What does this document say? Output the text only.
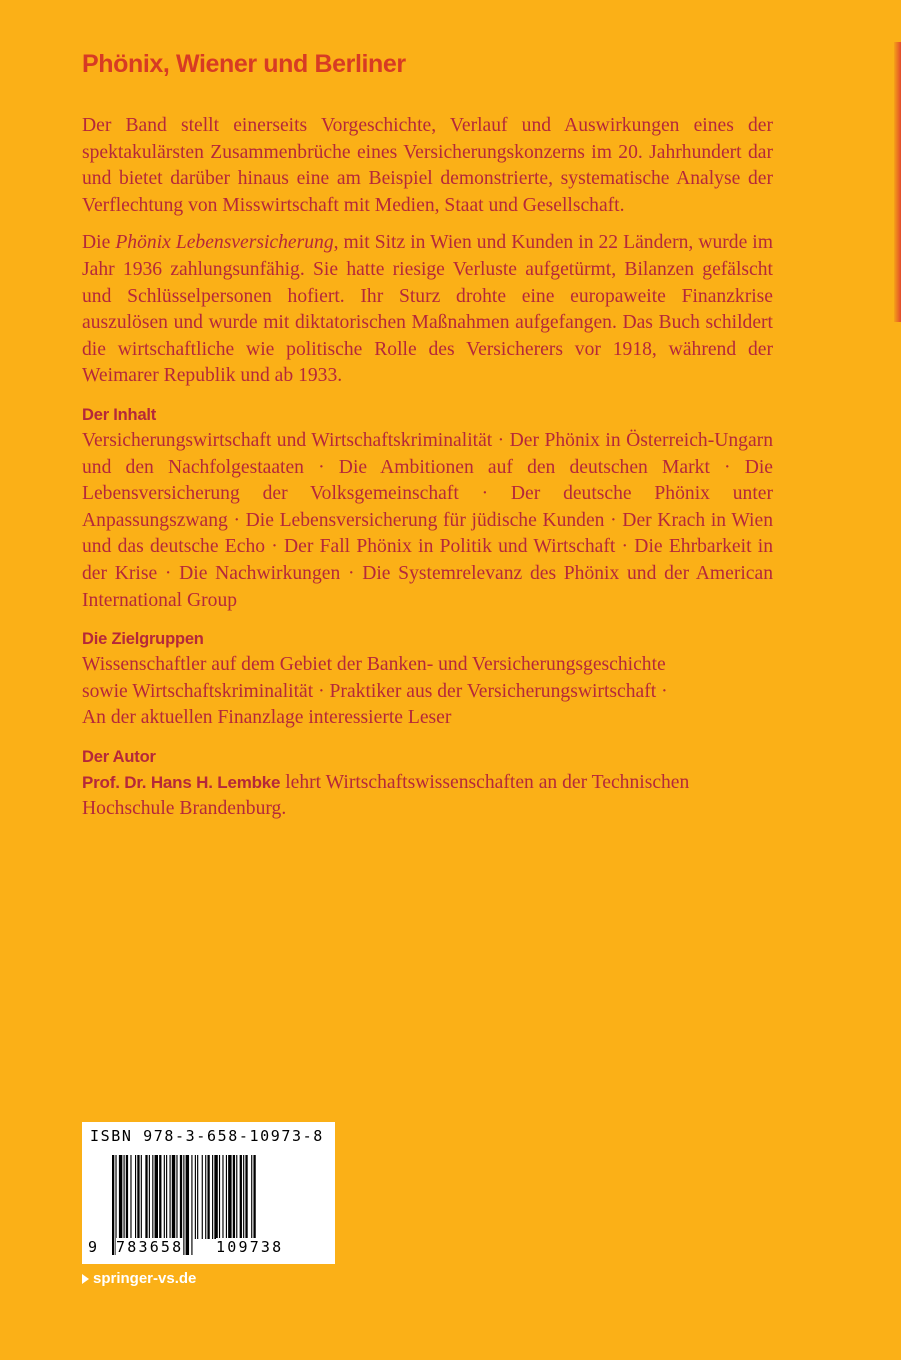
Phönix, Wiener und Berliner

Der Band stellt einerseits Vorgeschichte, Verlauf und Auswirkungen eines der spektakulärsten Zusammenbrüche eines Versicherungskonzerns im 20. Jahrhundert dar und bietet darüber hinaus eine am Beispiel demonstrierte, systematische Analyse der Verflechtung von Misswirtschaft mit Medien, Staat und Gesellschaft.

Die Phönix Lebensversicherung, mit Sitz in Wien und Kunden in 22 Ländern, wurde im Jahr 1936 zahlungsunfähig. Sie hatte riesige Verluste aufgetürmt, Bilanzen gefälscht und Schlüsselpersonen hofiert. Ihr Sturz drohte eine europaweite Finanzkrise auszulösen und wurde mit diktatorischen Maßnahmen aufgefangen. Das Buch schildert die wirtschaftliche wie politische Rolle des Versicherers vor 1918, während der Weimarer Republik und ab 1933.

Der Inhalt

Versicherungswirtschaft und Wirtschaftskriminalität · Der Phönix in Österreich-Ungarn und den Nachfolgestaaten · Die Ambitionen auf den deutschen Markt · Die Lebensversicherung der Volksgemeinschaft · Der deutsche Phönix unter Anpassungszwang · Die Lebensversicherung für jüdische Kunden · Der Krach in Wien und das deutsche Echo · Der Fall Phönix in Politik und Wirtschaft · Die Ehrbarkeit in der Krise · Die Nachwirkungen · Die Systemrelevanz des Phönix und der American International Group

Die Zielgruppen
Wissenschaftler auf dem Gebiet der Banken- und Versicherungsgeschichte
sowie Wirtschaftskriminalität · Praktiker aus der Versicherungswirtschaft ·
An der aktuellen Finanzlage interessierte Leser
Der Autor

Prof. Dr. Hans H. Lembke lehrt Wirtschaftswissenschaften an der Technischen Hochschule Brandenburg.

ISBN 978-3-658-10973-8
9 783658 109738
springer-vs.de
